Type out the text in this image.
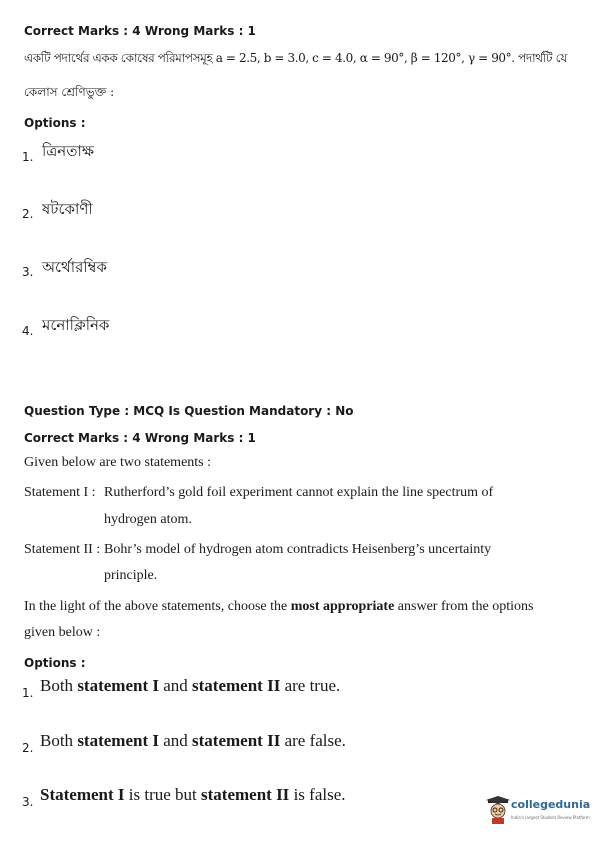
Correct Marks : 4 Wrong Marks : 1
একটি পদার্থের একক কোষের পরিমাপসমূহ a = 2.5, b = 3.0, c = 4.0, α = 90°, β = 120°, γ = 90°. পদার্থটি যে
কেলাস শ্রেণিভুক্ত :
Options :
1. ত্রিনতাক্ষ
2. ষটকোণী
3. অর্থোরম্বিক
4. মনোক্লিনিক
Question Type : MCQ Is Question Mandatory : No
Correct Marks : 4 Wrong Marks : 1
Given below are two statements :
Statement I : Rutherford’s gold foil experiment cannot explain the line spectrum of
hydrogen atom.
Statement II : Bohr’s model of hydrogen atom contradicts Heisenberg’s uncertainty
principle.
In the light of the above statements, choose the most appropriate answer from the options
given below :
Options :
1. Both statement I and statement II are true.
2. Both statement I and statement II are false.
3. Statement I is true but statement II is false.
collegedunia
India's largest Student Review Platform
